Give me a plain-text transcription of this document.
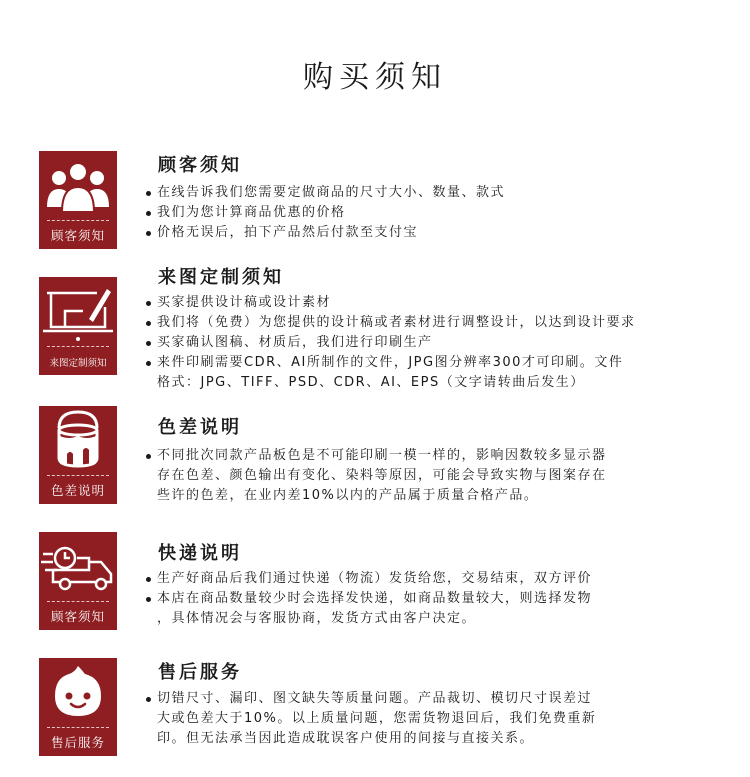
购买须知
顾客须知
顾客须知
在线告诉我们您需要定做商品的尺寸大小、数量、款式
我们为您计算商品优惠的价格
价格无误后，拍下产品然后付款至支付宝
来图定制须知
来图定制须知
买家提供设计稿或设计素材
我们将（免费）为您提供的设计稿或者素材进行调整设计，以达到设计要求
买家确认图稿、材质后，我们进行印刷生产
来件印刷需要CDR、AI所制作的文件，JPG图分辨率300才可印刷。文件
格式：JPG、TIFF、PSD、CDR、AI、EPS（文字请转曲后发生）
色差说明
色差说明
不同批次同款产品板色是不可能印刷一模一样的，影响因数较多显示器
存在色差、颜色输出有变化、染料等原因，可能会导致实物与图案存在
些许的色差，在业内差10%以内的产品属于质量合格产品。
顾客须知
快递说明
生产好商品后我们通过快递（物流）发货给您，交易结束，双方评价
本店在商品数量较少时会选择发快递，如商品数量较大，则选择发物
，具体情况会与客服协商，发货方式由客户决定。
售后服务
售后服务
切错尺寸、漏印、图文缺失等质量问题。产品裁切、模切尺寸误差过
大或色差大于10%。以上质量问题，您需货物退回后，我们免费重新
印。但无法承当因此造成耽误客户使用的间接与直接关系。
